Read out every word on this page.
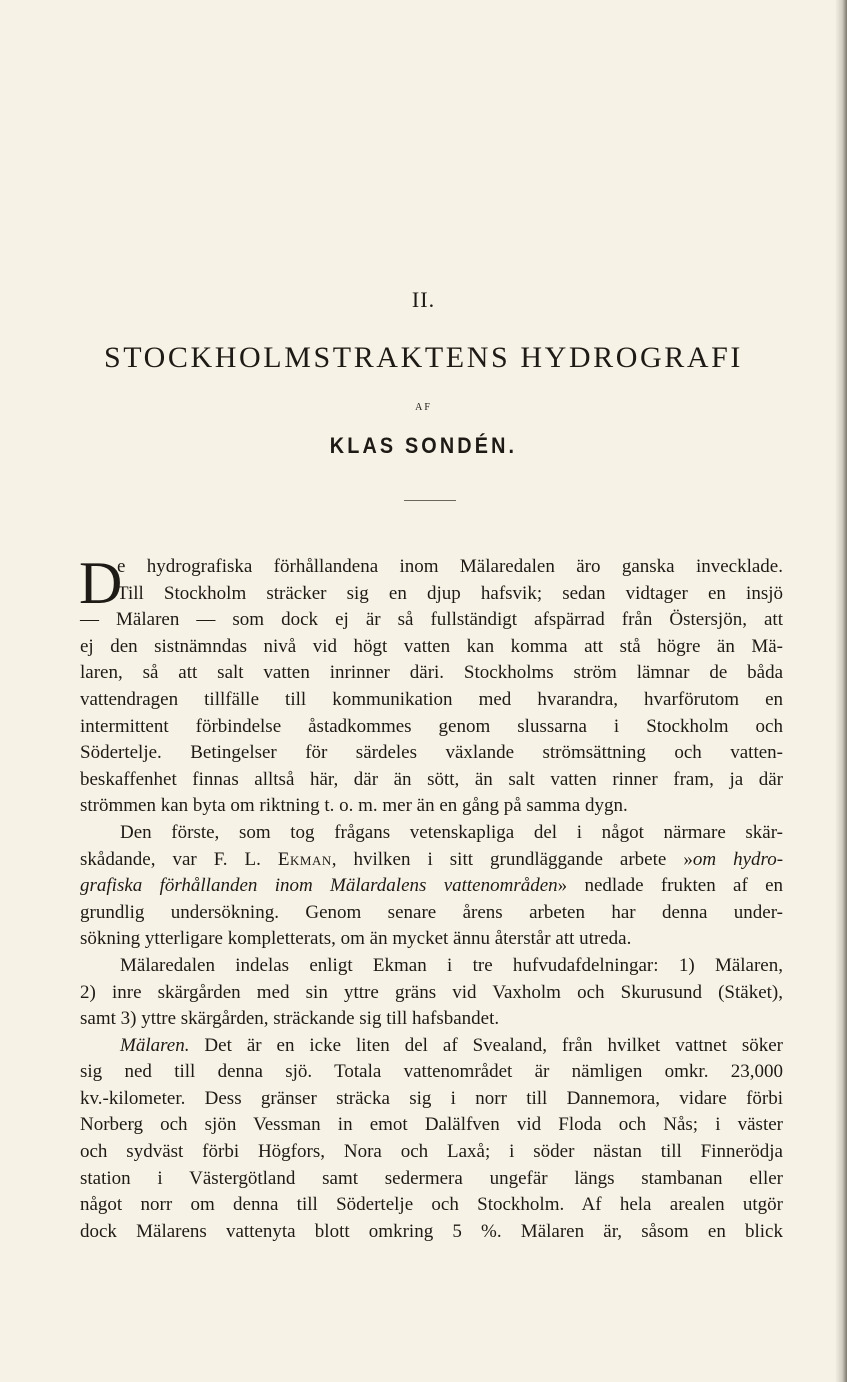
II.
STOCKHOLMSTRAKTENS HYDROGRAFI
AF
KLAS SONDÉN.
D
e hydrografiska förhållandena inom Mälaredalen äro ganska invecklade.
Till Stockholm sträcker sig en djup hafsvik; sedan vidtager en insjö
— Mälaren — som dock ej är så fullständigt afspärrad från Östersjön, att
ej den sistnämndas nivå vid högt vatten kan komma att stå högre än Mä-
laren, så att salt vatten inrinner däri. Stockholms ström lämnar de båda
vattendragen tillfälle till kommunikation med hvarandra, hvarförutom en
intermittent förbindelse åstadkommes genom slussarna i Stockholm och
Södertelje. Betingelser för särdeles växlande strömsättning och vatten-
beskaffenhet finnas alltså här, där än sött, än salt vatten rinner fram, ja där
strömmen kan byta om riktning t. o. m. mer än en gång på samma dygn.
Den förste, som tog frågans vetenskapliga del i något närmare skär-
skådande, var F. L. Ekman, hvilken i sitt grundläggande arbete »om hydro-
grafiska förhållanden inom Mälardalens vattenområden» nedlade frukten af en
grundlig undersökning. Genom senare årens arbeten har denna under-
sökning ytterligare kompletterats, om än mycket ännu återstår att utreda.
Mälaredalen indelas enligt Ekman i tre hufvudafdelningar: 1) Mälaren,
2) inre skärgården med sin yttre gräns vid Vaxholm och Skurusund (Stäket),
samt 3) yttre skärgården, sträckande sig till hafsbandet.
Mälaren. Det är en icke liten del af Svealand, från hvilket vattnet söker
sig ned till denna sjö. Totala vattenområdet är nämligen omkr. 23,000
kv.-kilometer. Dess gränser sträcka sig i norr till Dannemora, vidare förbi
Norberg och sjön Vessman in emot Dalälfven vid Floda och Nås; i väster
och sydväst förbi Högfors, Nora och Laxå; i söder nästan till Finnerödja
station i Västergötland samt sedermera ungefär längs stambanan eller
något norr om denna till Södertelje och Stockholm. Af hela arealen utgör
dock Mälarens vattenyta blott omkring 5 %. Mälaren är, såsom en blick
